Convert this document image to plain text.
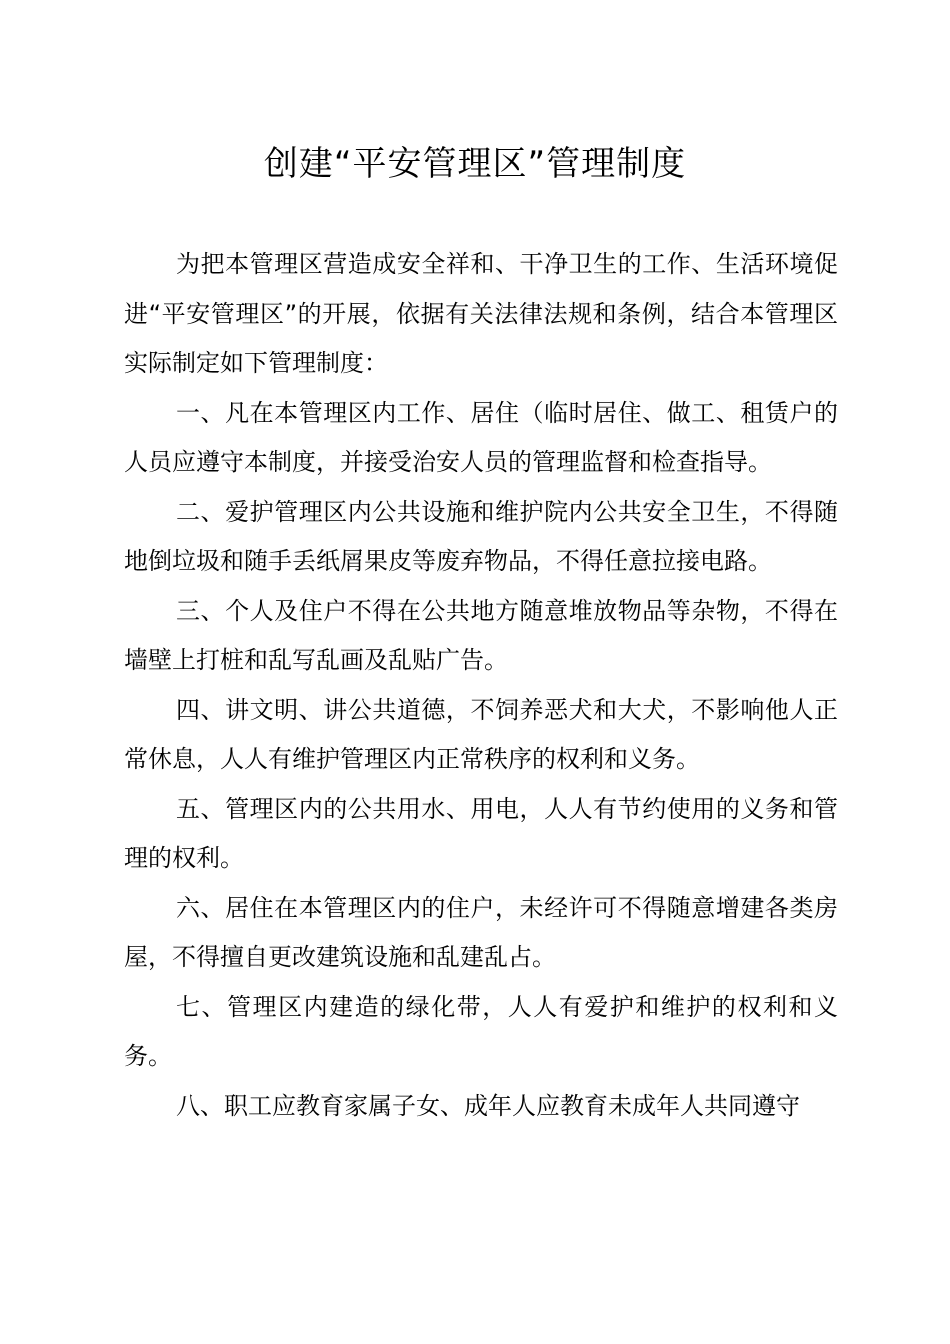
创建“平安管理区”管理制度

为把本管理区营造成安全祥和、干净卫生的工作、生活环境促进“平安管理区”的开展，依据有关法律法规和条例，结合本管理区实际制定如下管理制度：

一、凡在本管理区内工作、居住（临时居住、做工、租赁户的人员应遵守本制度，并接受治安人员的管理监督和检查指导。

二、爱护管理区内公共设施和维护院内公共安全卫生，不得随地倒垃圾和随手丢纸屑果皮等废弃物品，不得任意拉接电路。

三、个人及住户不得在公共地方随意堆放物品等杂物，不得在墙壁上打桩和乱写乱画及乱贴广告。

四、讲文明、讲公共道德，不饲养恶犬和大犬，不影响他人正常休息，人人有维护管理区内正常秩序的权利和义务。

五、管理区内的公共用水、用电，人人有节约使用的义务和管理的权利。

六、居住在本管理区内的住户，未经许可不得随意增建各类房屋，不得擅自更改建筑设施和乱建乱占。

七、管理区内建造的绿化带，人人有爱护和维护的权利和义务。

八、职工应教育家属子女、成年人应教育未成年人共同遵守
